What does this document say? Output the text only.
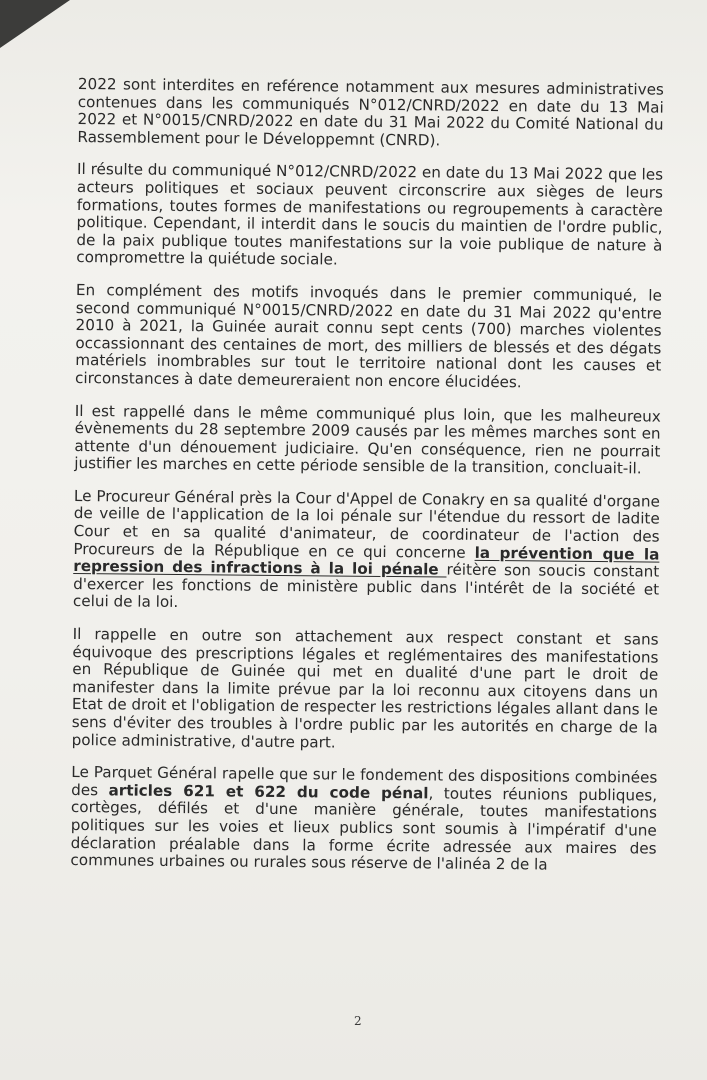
2022 sont interdites en reférence notamment aux mesures administratives contenues dans les communiqués N°012/CNRD/2022 en date du 13 Mai 2022 et N°0015/CNRD/2022 en date du 31 Mai 2022 du Comité National du Rassemblement pour le Développemnt (CNRD).

Il résulte du communiqué N°012/CNRD/2022 en date du 13 Mai 2022 que les acteurs politiques et sociaux peuvent circonscrire aux sièges de leurs formations, toutes formes de manifestations ou regroupements à caractère politique. Cependant, il interdit dans le soucis du maintien de l'ordre public, de la paix publique toutes manifestations sur la voie publique de nature à compromettre la quiétude sociale.

En complément des motifs invoqués dans le premier communiqué, le second communiqué N°0015/CNRD/2022 en date du 31 Mai 2022 qu'entre 2010 à 2021, la Guinée aurait connu sept cents (700) marches violentes occassionnant des centaines de mort, des milliers de blessés et des dégats matériels inombrables sur tout le territoire national dont les causes et circonstances à date demeureraient non encore élucidées.

Il est rappellé dans le même communiqué plus loin, que les malheureux évènements du 28 septembre 2009 causés par les mêmes marches sont en attente d'un dénouement judiciaire. Qu'en conséquence, rien ne pourrait justifier les marches en cette période sensible de la transition, concluait-il.

Le Procureur Général près la Cour d'Appel de Conakry en sa qualité d'organe de veille de l'application de la loi pénale sur l'étendue du ressort de ladite Cour et en sa qualité d'animateur, de coordinateur de l'action des Procureurs de la République en ce qui concerne la prévention que la repression des infractions à la loi pénale réitère son soucis constant d'exercer les fonctions de ministère public dans l'intérêt de la société et celui de la loi.

Il rappelle en outre son attachement aux respect constant et sans équivoque des prescriptions légales et reglémentaires des manifestations en République de Guinée qui met en dualité d'une part le droit de manifester dans la limite prévue par la loi reconnu aux citoyens dans un Etat de droit et l'obligation de respecter les restrictions légales allant dans le sens d'éviter des troubles à l'ordre public par les autorités en charge de la police administrative, d'autre part.

Le Parquet Général rapelle que sur le fondement des dispositions combinées des articles 621 et 622 du code pénal, toutes réunions publiques, cortèges, défilés et d'une manière générale, toutes manifestations politiques sur les voies et lieux publics sont soumis à l'impératif d'une déclaration préalable dans la forme écrite adressée aux maires des communes urbaines ou rurales sous réserve de l'alinéa 2 de la

2
